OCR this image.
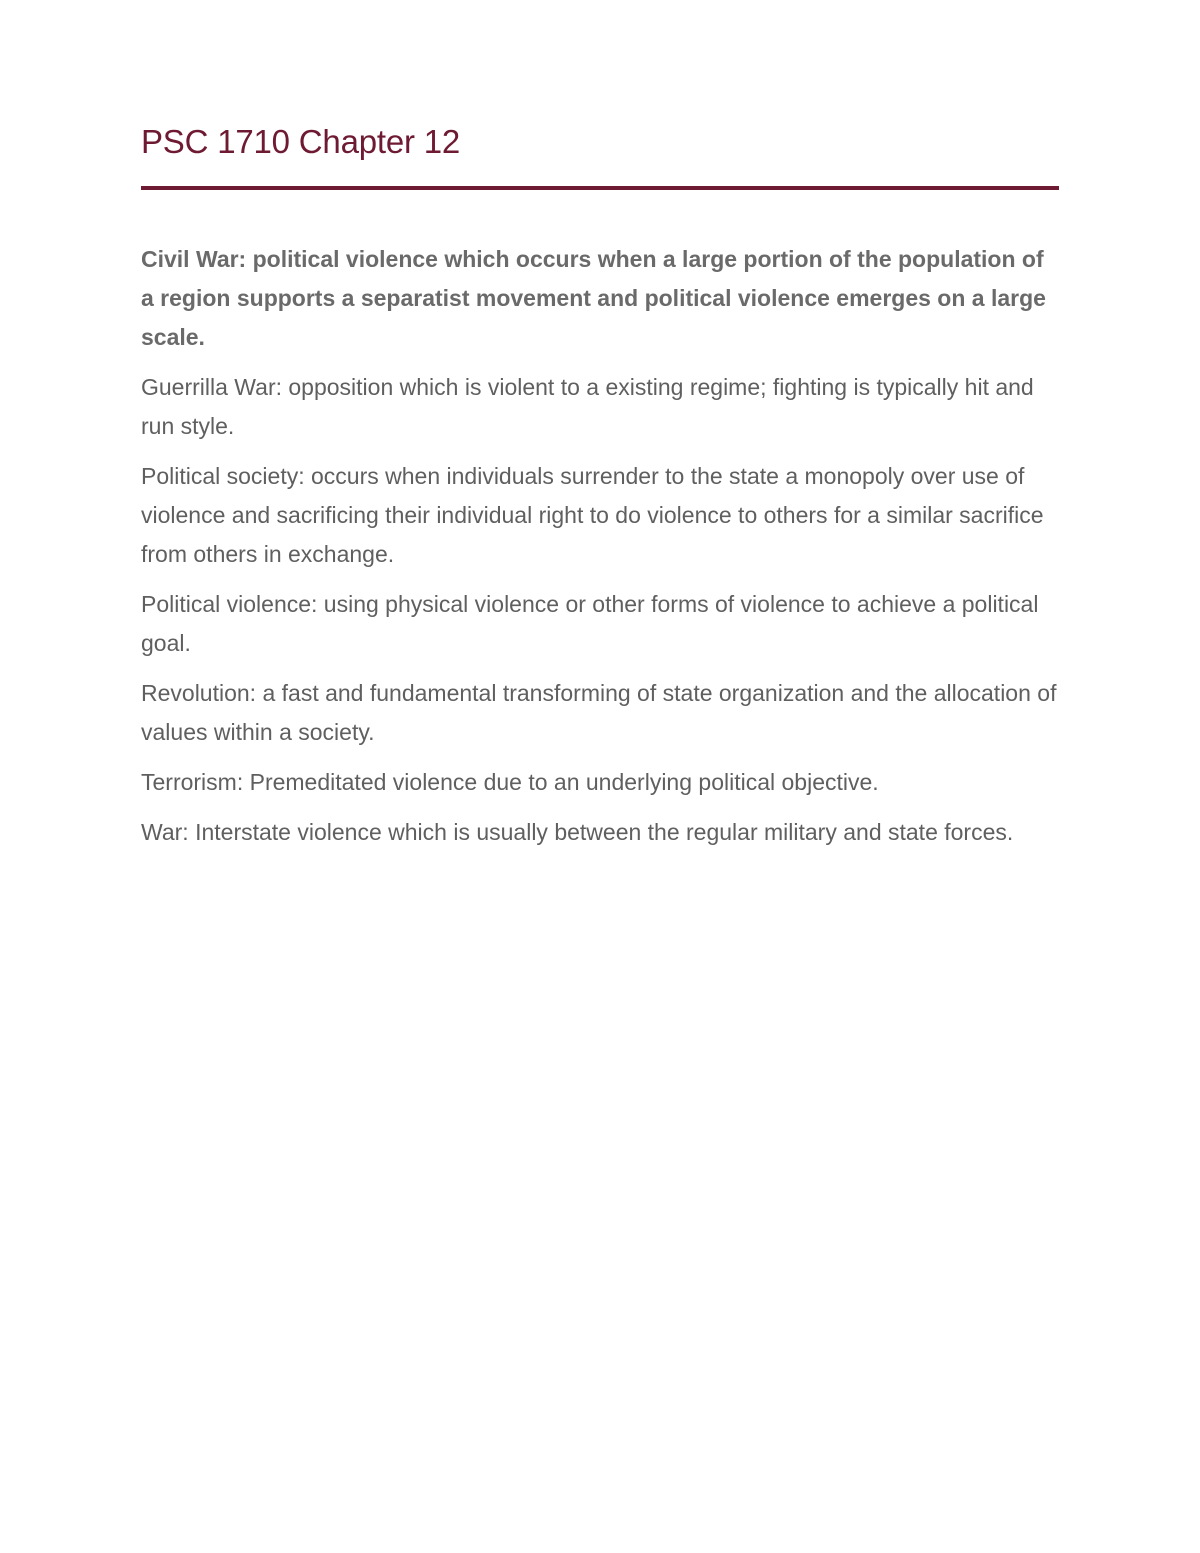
PSC 1710 Chapter 12

Civil War: political violence which occurs when a large portion of the population of a region supports a separatist movement and political violence emerges on a large scale.

Guerrilla War: opposition which is violent to a existing regime; fighting is typically hit and run style.

Political society: occurs when individuals surrender to the state a monopoly over use of violence and sacrificing their individual right to do violence to others for a similar sacrifice from others in exchange.

Political violence: using physical violence or other forms of violence to achieve a political goal.

Revolution: a fast and fundamental transforming of state organization and the allocation of values within a society.

Terrorism: Premeditated violence due to an underlying political objective.

War: Interstate violence which is usually between the regular military and state forces.
